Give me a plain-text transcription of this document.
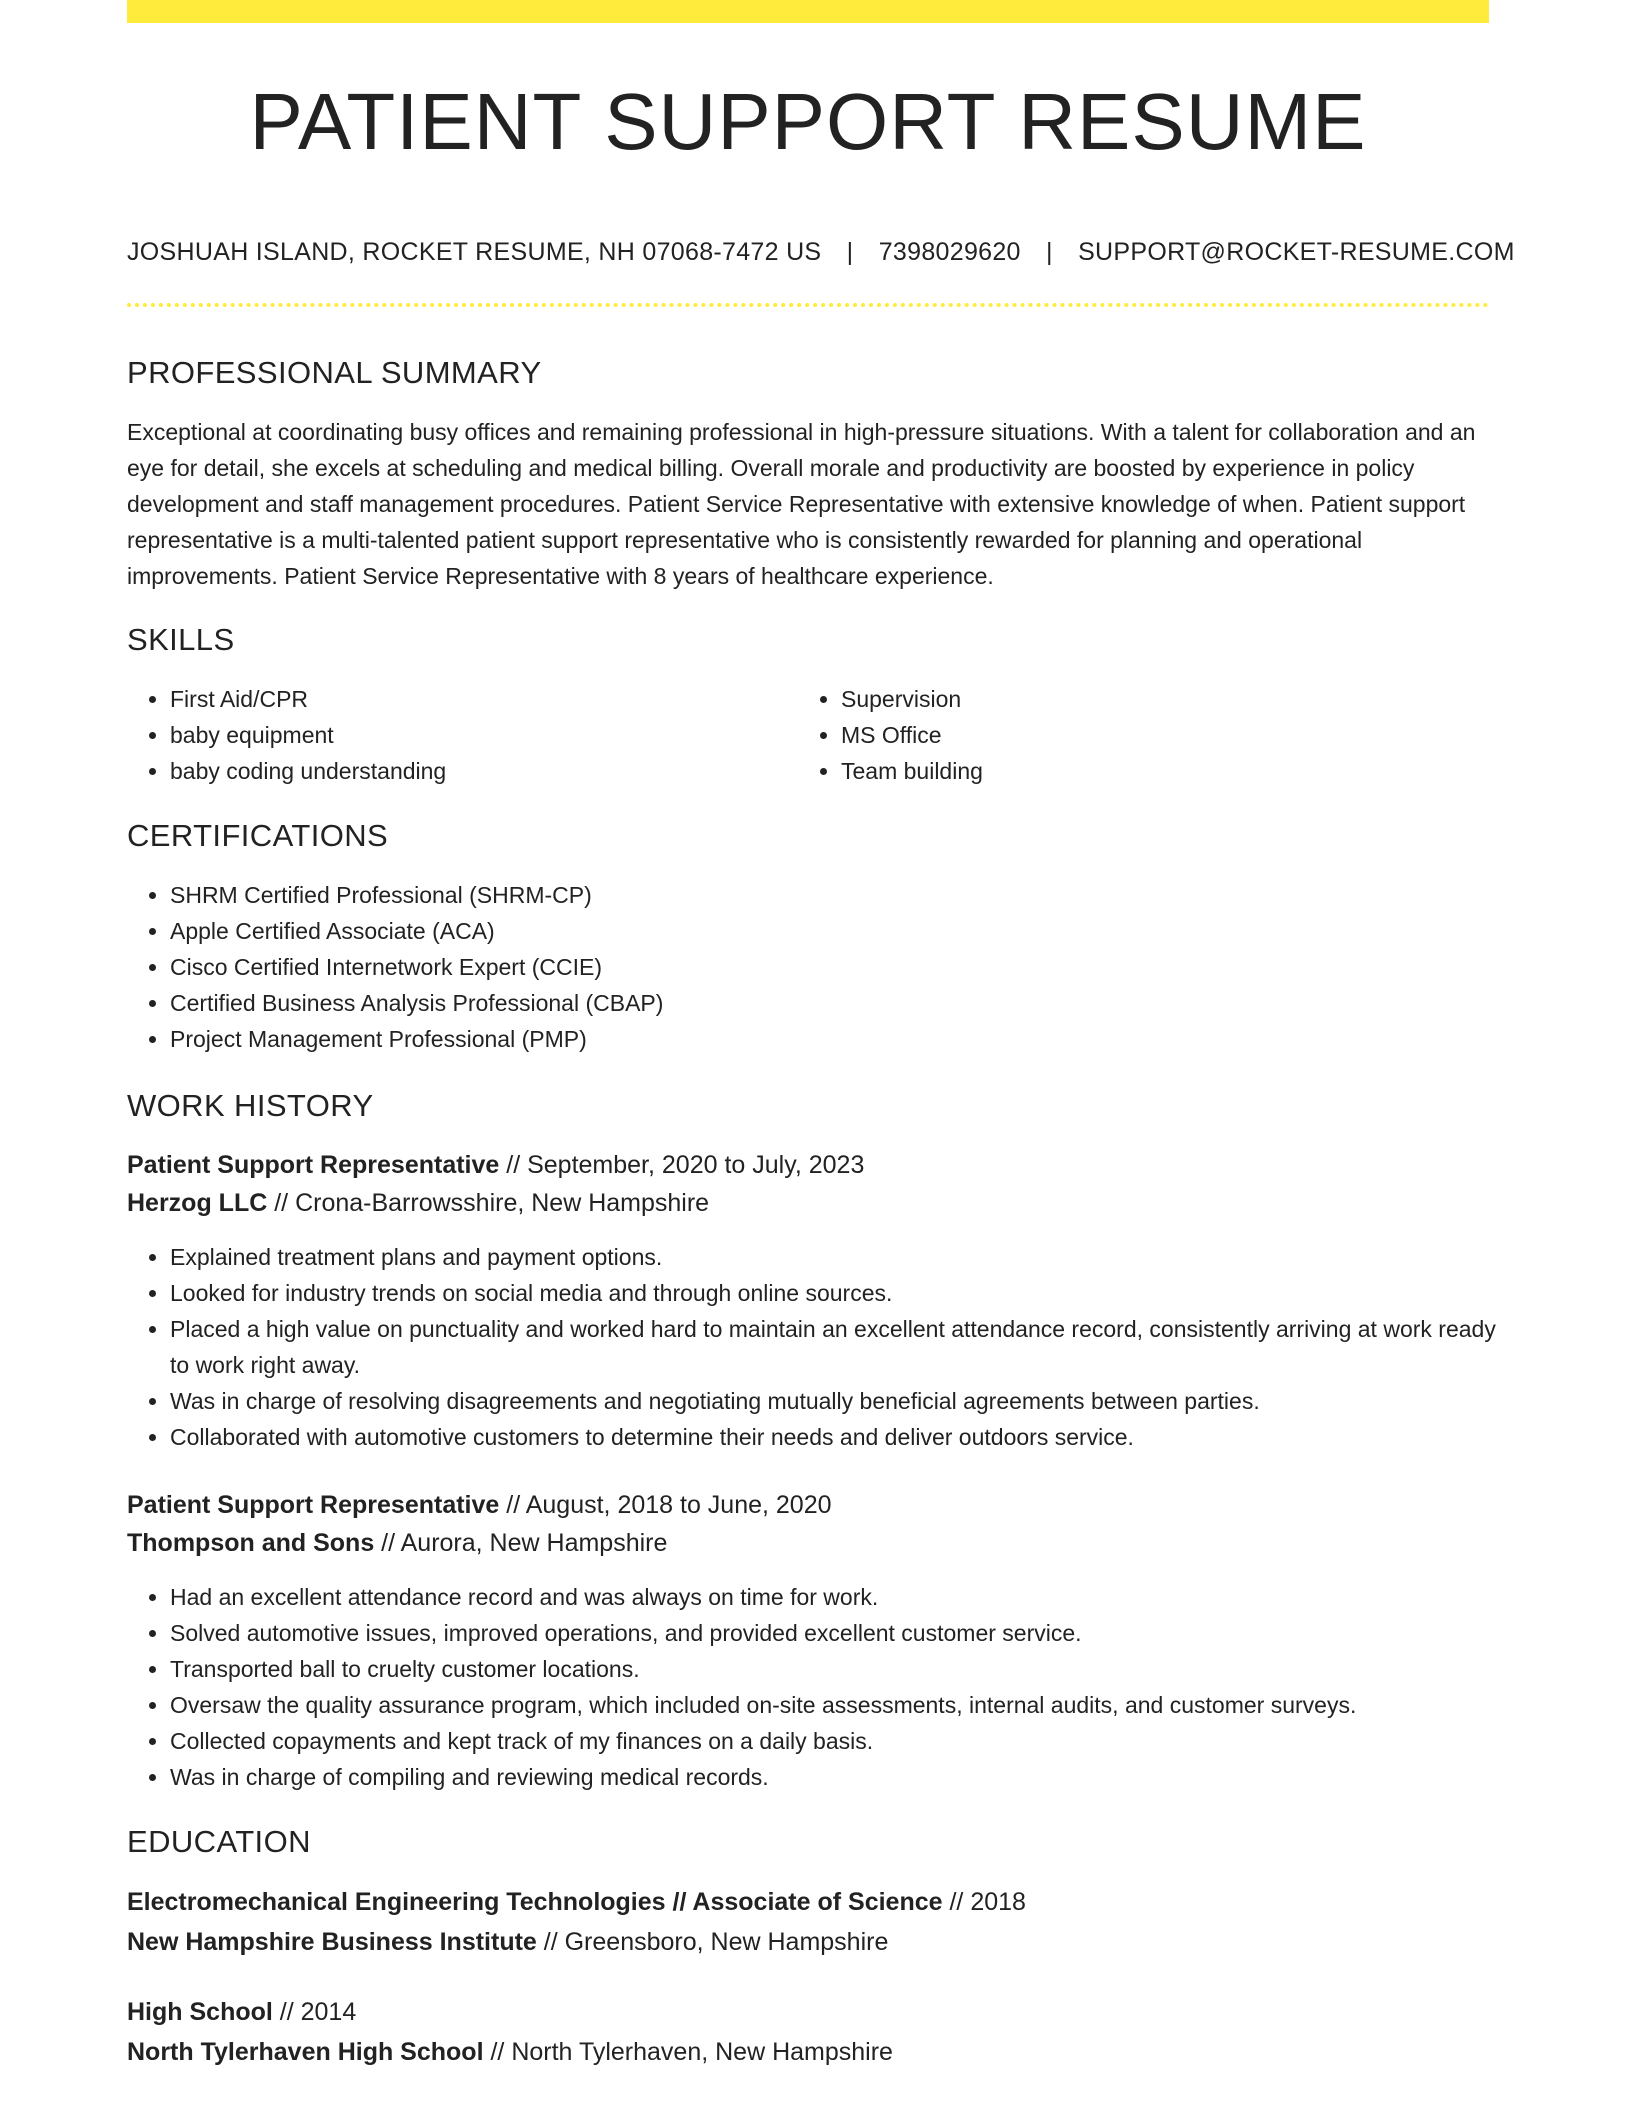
PATIENT SUPPORT RESUME
JOSHUAH ISLAND, ROCKET RESUME, NH 07068-7472 US | 7398029620 | SUPPORT@ROCKET-RESUME.COM
PROFESSIONAL SUMMARY

Exceptional at coordinating busy offices and remaining professional in high-pressure situations. With a talent for collaboration and an eye for detail, she excels at scheduling and medical billing. Overall morale and productivity are boosted by experience in policy development and staff management procedures. Patient Service Representative with extensive knowledge of when. Patient support representative is a multi-talented patient support representative who is consistently rewarded for planning and operational improvements. Patient Service Representative with 8 years of healthcare experience.

SKILLS
• First Aid/CPR
• baby equipment
• baby coding understanding
• Supervision
• MS Office
• Team building
CERTIFICATIONS
• SHRM Certified Professional (SHRM-CP)
• Apple Certified Associate (ACA)
• Cisco Certified Internetwork Expert (CCIE)
• Certified Business Analysis Professional (CBAP)
• Project Management Professional (PMP)
WORK HISTORY
Patient Support Representative // September, 2020 to July, 2023
Herzog LLC // Crona-Barrowsshire, New Hampshire
• Explained treatment plans and payment options.
• Looked for industry trends on social media and through online sources.
• Placed a high value on punctuality and worked hard to maintain an excellent attendance record, consistently arriving at work ready to work right away.
• Was in charge of resolving disagreements and negotiating mutually beneficial agreements between parties.
• Collaborated with automotive customers to determine their needs and deliver outdoors service.
Patient Support Representative // August, 2018 to June, 2020
Thompson and Sons // Aurora, New Hampshire
• Had an excellent attendance record and was always on time for work.
• Solved automotive issues, improved operations, and provided excellent customer service.
• Transported ball to cruelty customer locations.
• Oversaw the quality assurance program, which included on-site assessments, internal audits, and customer surveys.
• Collected copayments and kept track of my finances on a daily basis.
• Was in charge of compiling and reviewing medical records.
EDUCATION
Electromechanical Engineering Technologies // Associate of Science // 2018
New Hampshire Business Institute // Greensboro, New Hampshire
High School // 2014
North Tylerhaven High School // North Tylerhaven, New Hampshire
